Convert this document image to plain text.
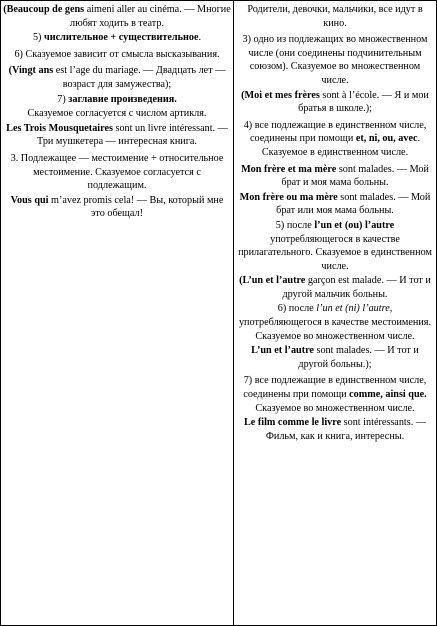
(Beaucoup de gens aimeni aller au cinéma. — Многие любят ходить в театр.

5) числительное + существительное.

6) Сказуемое зависит от смысла высказывания.

(Vingt ans est l’age du mariage. — Двадцать лет — возраст для замужества);

7) заглавие произведения.

Сказуемое согласуется с числом артикля.

Les Trois Mousquetaires sont un livre intéressant. — Три мушкетера — интересная книга.

3. Подлежащее — местоимение + относительное местоимение. Сказуемое согласуется с подлежащим.

Vous qui m’avez promis cela! — Вы, который мне это обещал!

Родители, девочки, мальчики, все идут в кино.

3) одно из подлежащих во множественном числе (они соединены подчинительным союзом). Сказуемое во множественном числе.

(Moi et mes frères sont à l’école. — Я и мои братья в школе.);

4) все подлежащие в единственном числе, соединены при помощи et, ni, ou, avec. Сказуемое в единственном числе.

Mon frère et ma mère sont malades. — Мой брат и моя мама больны.

Mon frère ou ma mère sont malades. — Мой брат или моя мама больны.

5) после l’un et (ou) l’autre употребляющегося в качестве прилагательного. Сказуемое в единственном числе.

(L’un et l’autre garçon est malade. — И тот и другой мальчик больны.

6) после l’un et (ni) l’autre, употребляющегося в качестве местоимения. Сказуемое во множественном числе.

L’un et l’autre sont malades. — И тот и другой больны.);

7) все подлежащие в единственном числе, соединены при помощи comme, ainsi que. Сказуемое во множественном числе.

Le film comme le livre sont intéressants. — Фильм, как и книга, интересны.
